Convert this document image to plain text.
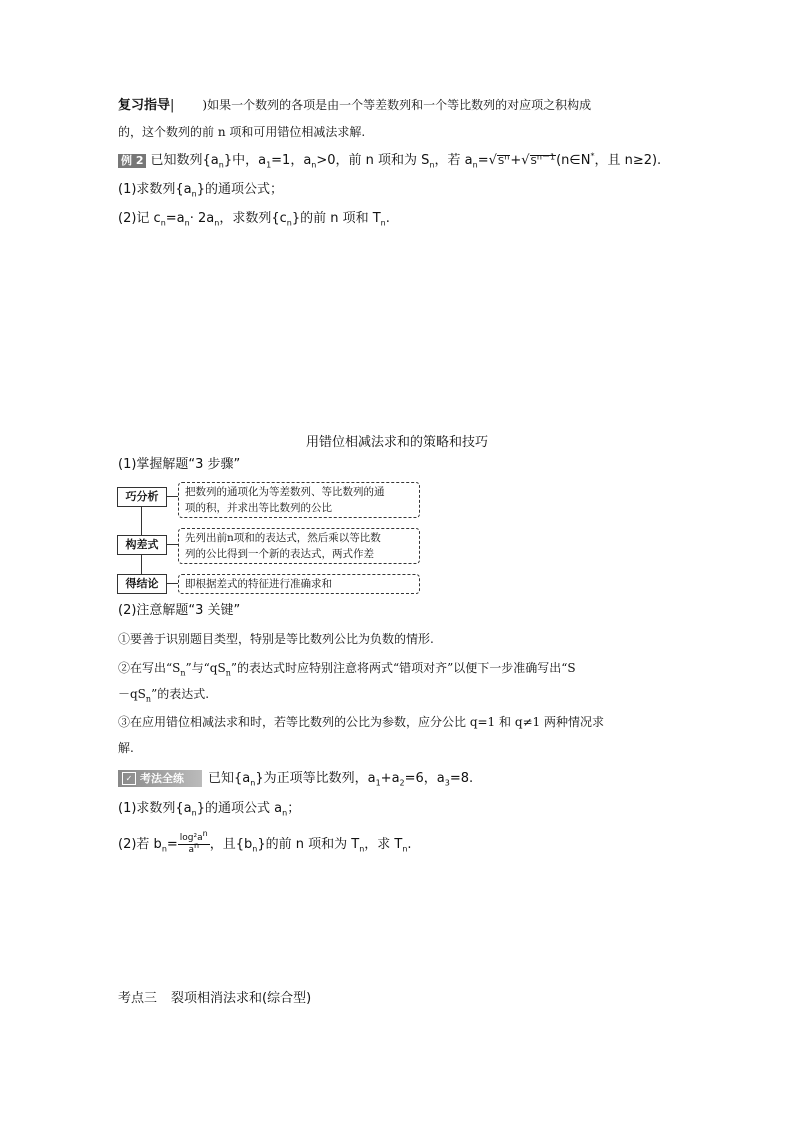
复习指导| )如果一个数列的各项是由一个等差数列和一个等比数列的对应项之积构成
的，这个数列的前 n 项和可用错位相减法求解.
例 2 已知数列$\{a_n\}$中，$a_1=1$，$a_n>0$，前 n 项和为 $S_n$，若 $a_n=√S^n+√S^{n-1}(n\in N^*$，且 n≥2).
(1)求数列$\{a_n\}$的通项公式；
(2)记 $c_n=a_n\cdot 2a_n$，求数列$\{c_n\}$的前 n 项和 $T_n$.
用错位相减法求和的策略和技巧
(1)掌握解题“3 步骤”
巧分析	把数列的通项化为等差数列、等比数列的通
项的积，并求出等比数列的公比
构差式	先列出前n项和的表达式，然后乘以等比数
列的公比得到一个新的表达式，两式作差
得结论	即根据差式的特征进行准确求和
(2)注意解题“3 关键”
①要善于识别题目类型，特别是等比数列公比为负数的情形.
②在写出“$S_n$”与“$qS_n$”的表达式时应特别注意将两式“错项对齐”以便下一步准确写出“S
$-qS_n$”的表达式.
③在应用错位相减法求和时，若等比数列的公比为参数，应分公比 q=1 和 q≠1 两种情况求
解.
✓ 考法全练 已知$\{a_n\}$为正项等比数列，$a_1+a_2=6$，$a_3=8$.
(1)求数列$\{a_n\}$的通项公式 $a_n$；
(2)若 $b_n= \frac{\log^2a^n}{a^n}$ ，且$\{b_n\}$的前 n 项和为 $T_n$，求 $T_n$.
考点三 裂项相消法求和(综合型)
